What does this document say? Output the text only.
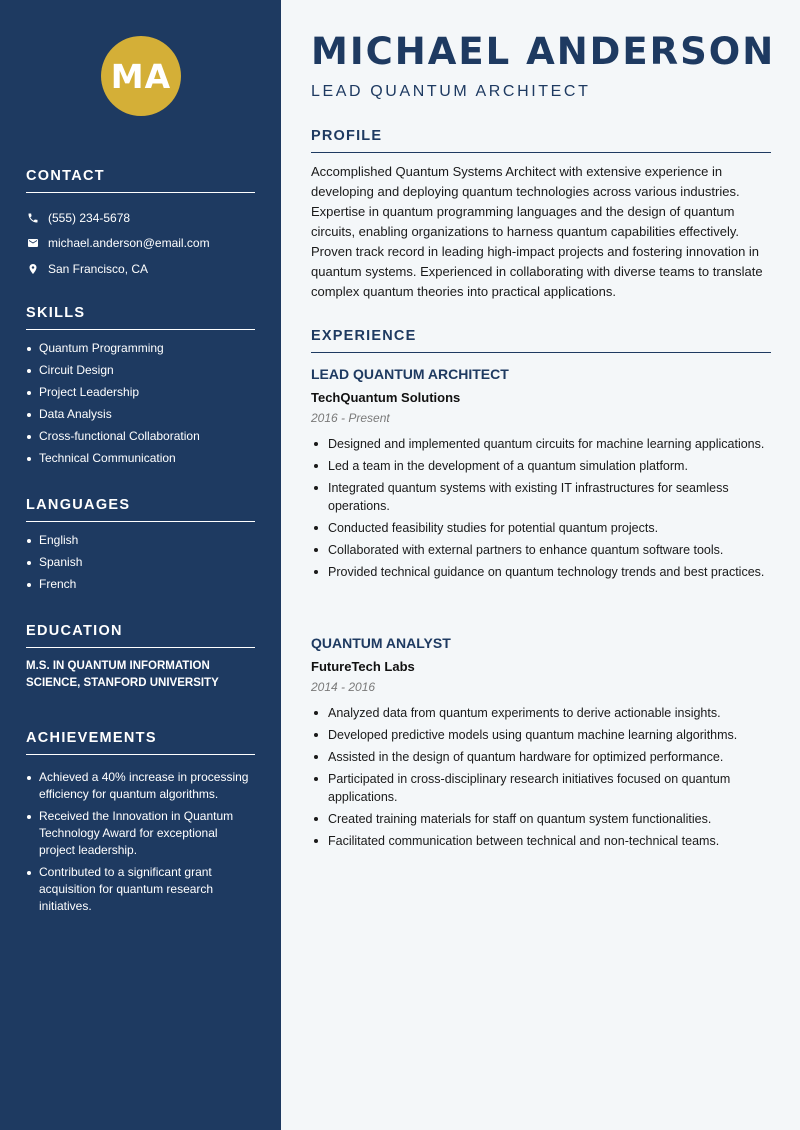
MA
CONTACT
(555) 234-5678
michael.anderson@email.com
San Francisco, CA
SKILLS
Quantum Programming
Circuit Design
Project Leadership
Data Analysis
Cross-functional Collaboration
Technical Communication
LANGUAGES
English
Spanish
French
EDUCATION
M.S. IN QUANTUM INFORMATION SCIENCE, STANFORD UNIVERSITY
ACHIEVEMENTS
Achieved a 40% increase in processing efficiency for quantum algorithms.
Received the Innovation in Quantum Technology Award for exceptional project leadership.
Contributed to a significant grant acquisition for quantum research initiatives.
MICHAEL ANDERSON
LEAD QUANTUM ARCHITECT
PROFILE

Accomplished Quantum Systems Architect with extensive experience in developing and deploying quantum technologies across various industries. Expertise in quantum programming languages and the design of quantum circuits, enabling organizations to harness quantum capabilities effectively. Proven track record in leading high-impact projects and fostering innovation in quantum systems. Experienced in collaborating with diverse teams to translate complex quantum theories into practical applications.

EXPERIENCE
LEAD QUANTUM ARCHITECT
TechQuantum Solutions
2016 - Present
Designed and implemented quantum circuits for machine learning applications.
Led a team in the development of a quantum simulation platform.
Integrated quantum systems with existing IT infrastructures for seamless operations.
Conducted feasibility studies for potential quantum projects.
Collaborated with external partners to enhance quantum software tools.
Provided technical guidance on quantum technology trends and best practices.
QUANTUM ANALYST
FutureTech Labs
2014 - 2016
Analyzed data from quantum experiments to derive actionable insights.
Developed predictive models using quantum machine learning algorithms.
Assisted in the design of quantum hardware for optimized performance.
Participated in cross-disciplinary research initiatives focused on quantum applications.
Created training materials for staff on quantum system functionalities.
Facilitated communication between technical and non-technical teams.
